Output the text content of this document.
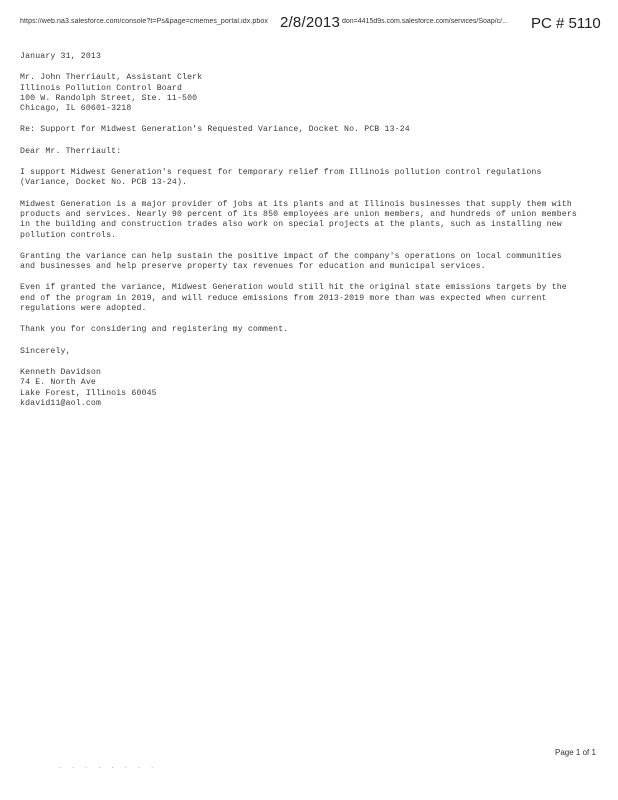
https://web.na3.salesforce.com/console?t=Ps&page=cmemes_portal.idx.pbox 2/8/2013 don=4415d9s.com.salesforce.com/services/Soap/c/...	PC # 5110
January 31, 2013
Mr. John Therriault, Assistant Clerk
Illinois Pollution Control Board
100 W. Randolph Street, Ste. 11-500
Chicago, IL 60601-3218
Re: Support for Midwest Generation's Requested Variance, Docket No. PCB 13-24
Dear Mr. Therriault:

I support Midwest Generation's request for temporary relief from Illinois pollution control regulations (Variance, Docket No. PCB 13-24).

Midwest Generation is a major provider of jobs at its plants and at Illinois businesses that supply them with products and services. Nearly 90 percent of its 850 employees are union members, and hundreds of union members in the building and construction trades also work on special projects at the plants, such as installing new pollution controls.

Granting the variance can help sustain the positive impact of the company's operations on local communities and businesses and help preserve property tax revenues for education and municipal services.

Even if granted the variance, Midwest Generation would still hit the original state emissions targets by the end of the program in 2019, and will reduce emissions from 2013-2019 more than was expected when current regulations were adopted.

Thank you for considering and registering my comment.

Sincerely,
Kenneth Davidson
74 E. North Ave
Lake Forest, Illinois 60045
kdavid11@aol.com
Page 1 of 1
. . . . . . . .
